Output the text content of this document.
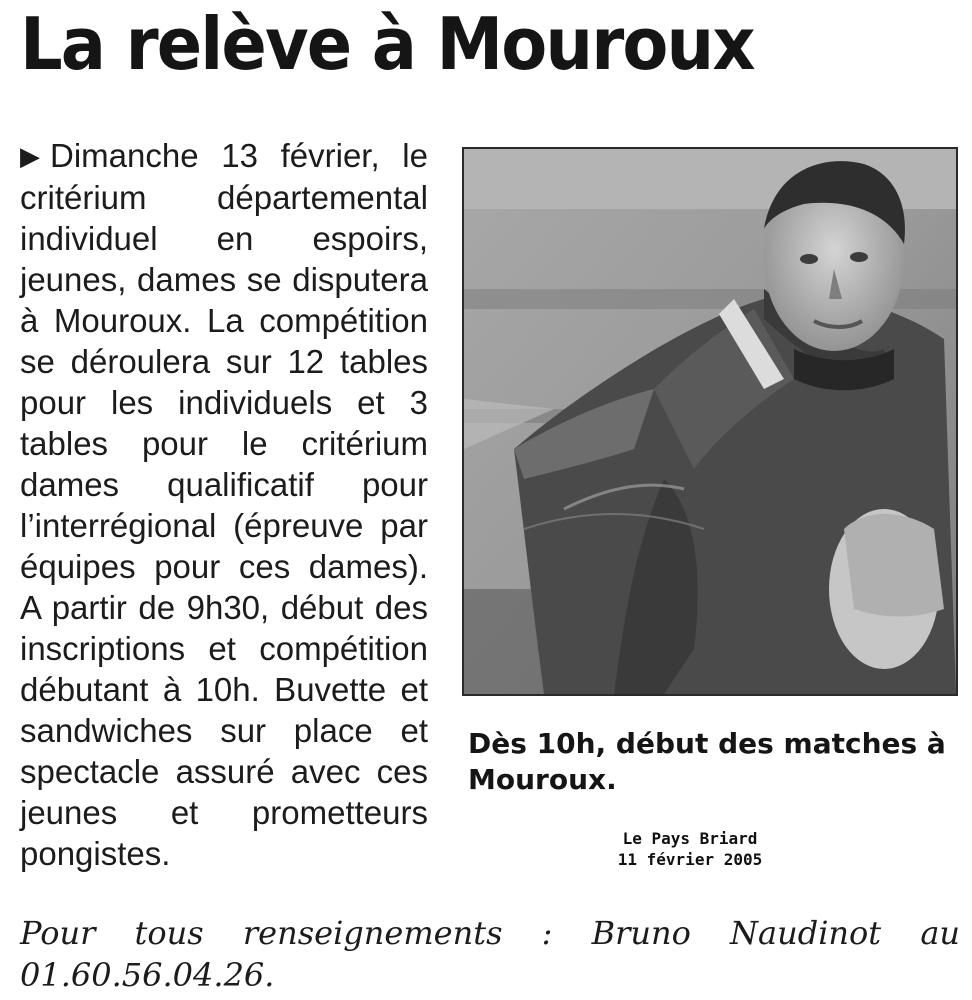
La relève à Mouroux

▶ Dimanche 13 février, le critérium départemental individuel en espoirs, jeunes, dames se disputera à Mouroux. La compétition se déroulera sur 12 tables pour les individuels et 3 tables pour le critérium dames qualificatif pour l’interrégional (épreuve par équipes pour ces dames). A partir de 9h30, début des inscriptions et compétition débutant à 10h. Buvette et sandwiches sur place et spectacle assuré avec ces jeunes et prometteurs pongistes.

Dès 10h, début des matches à Mouroux.

Le Pays Briard
11 février 2005
Pour tous renseignements : Bruno Naudinot au 01.60.56.04.26.
